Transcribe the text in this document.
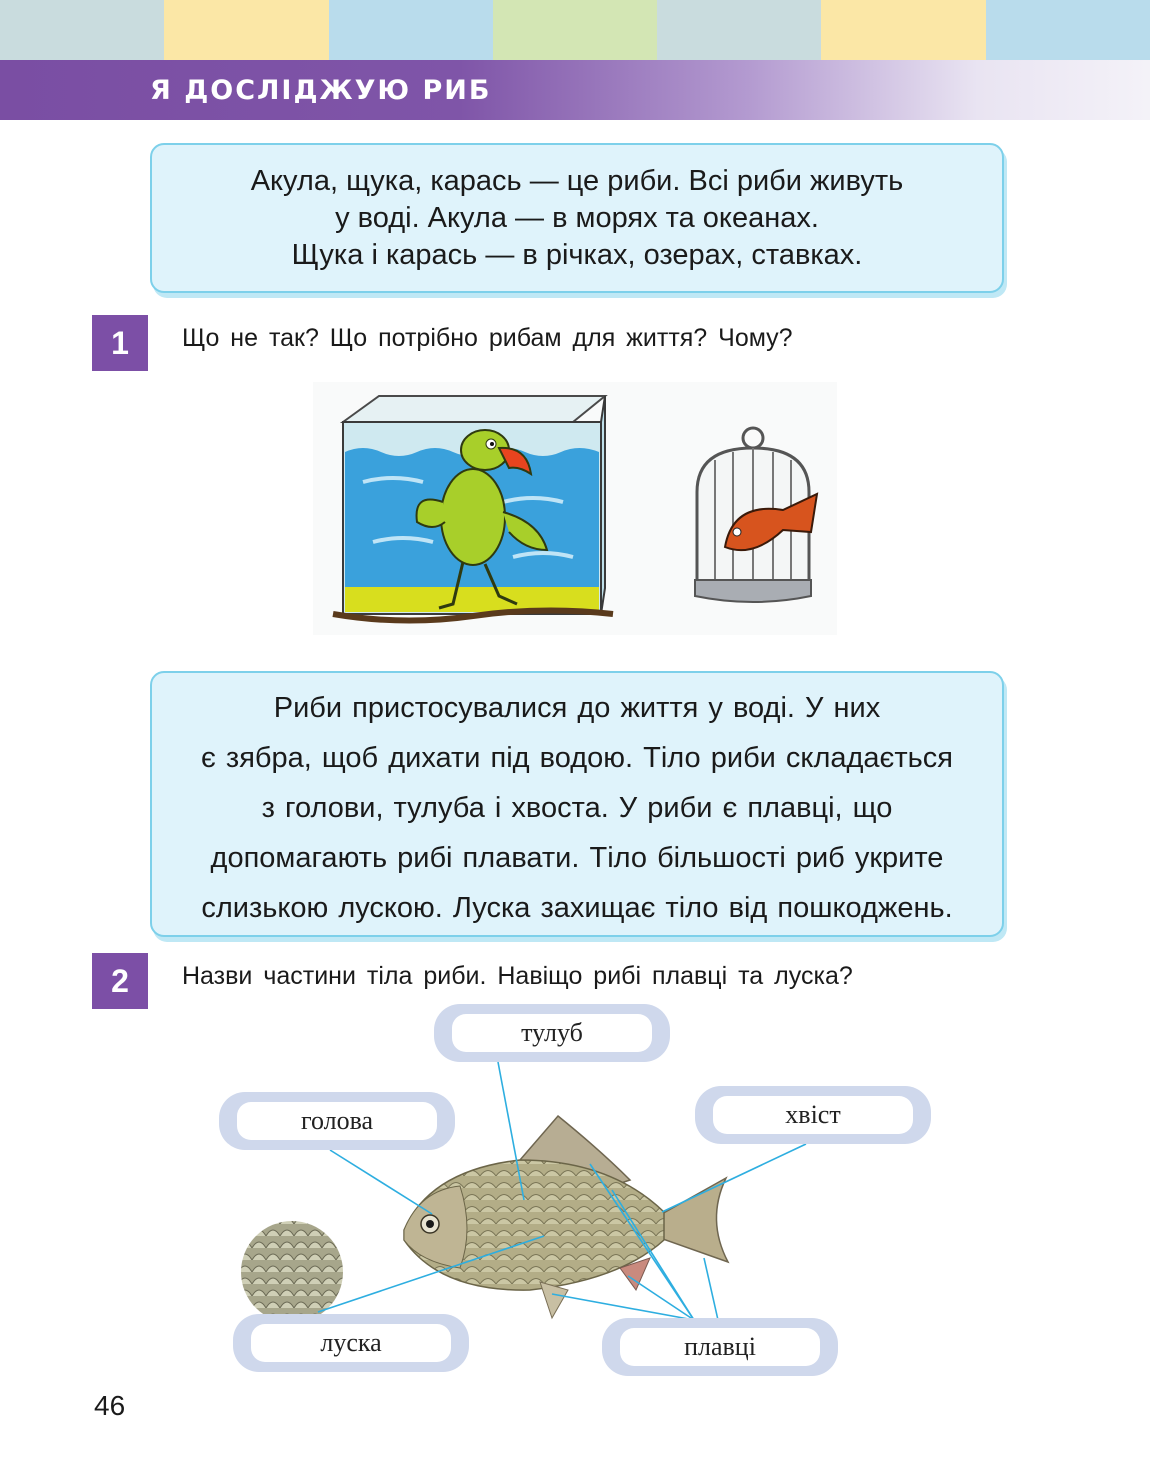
Я ДОСЛІДЖУЮ РИБ
Акула, щука, карась — це риби. Всі риби живуть
у воді. Акула — в морях та океанах.
Щука і карась — в річках, озерах, ставках.
1	Що не так? Що потрібно рибам для життя? Чому?
Риби пристосувалися до життя у воді. У них
є зябра, щоб дихати під водою. Тіло риби складається
з голови, тулуба і хвоста. У риби є плавці, що
допомагають рибі плавати. Тіло більшості риб укрите
слизькою лускою. Луска захищає тіло від пошкоджень.
2	Назви частини тіла риби. Навіщо рибі плавці та луска?
тулуб
голова	хвіст
луска	плавці
46
